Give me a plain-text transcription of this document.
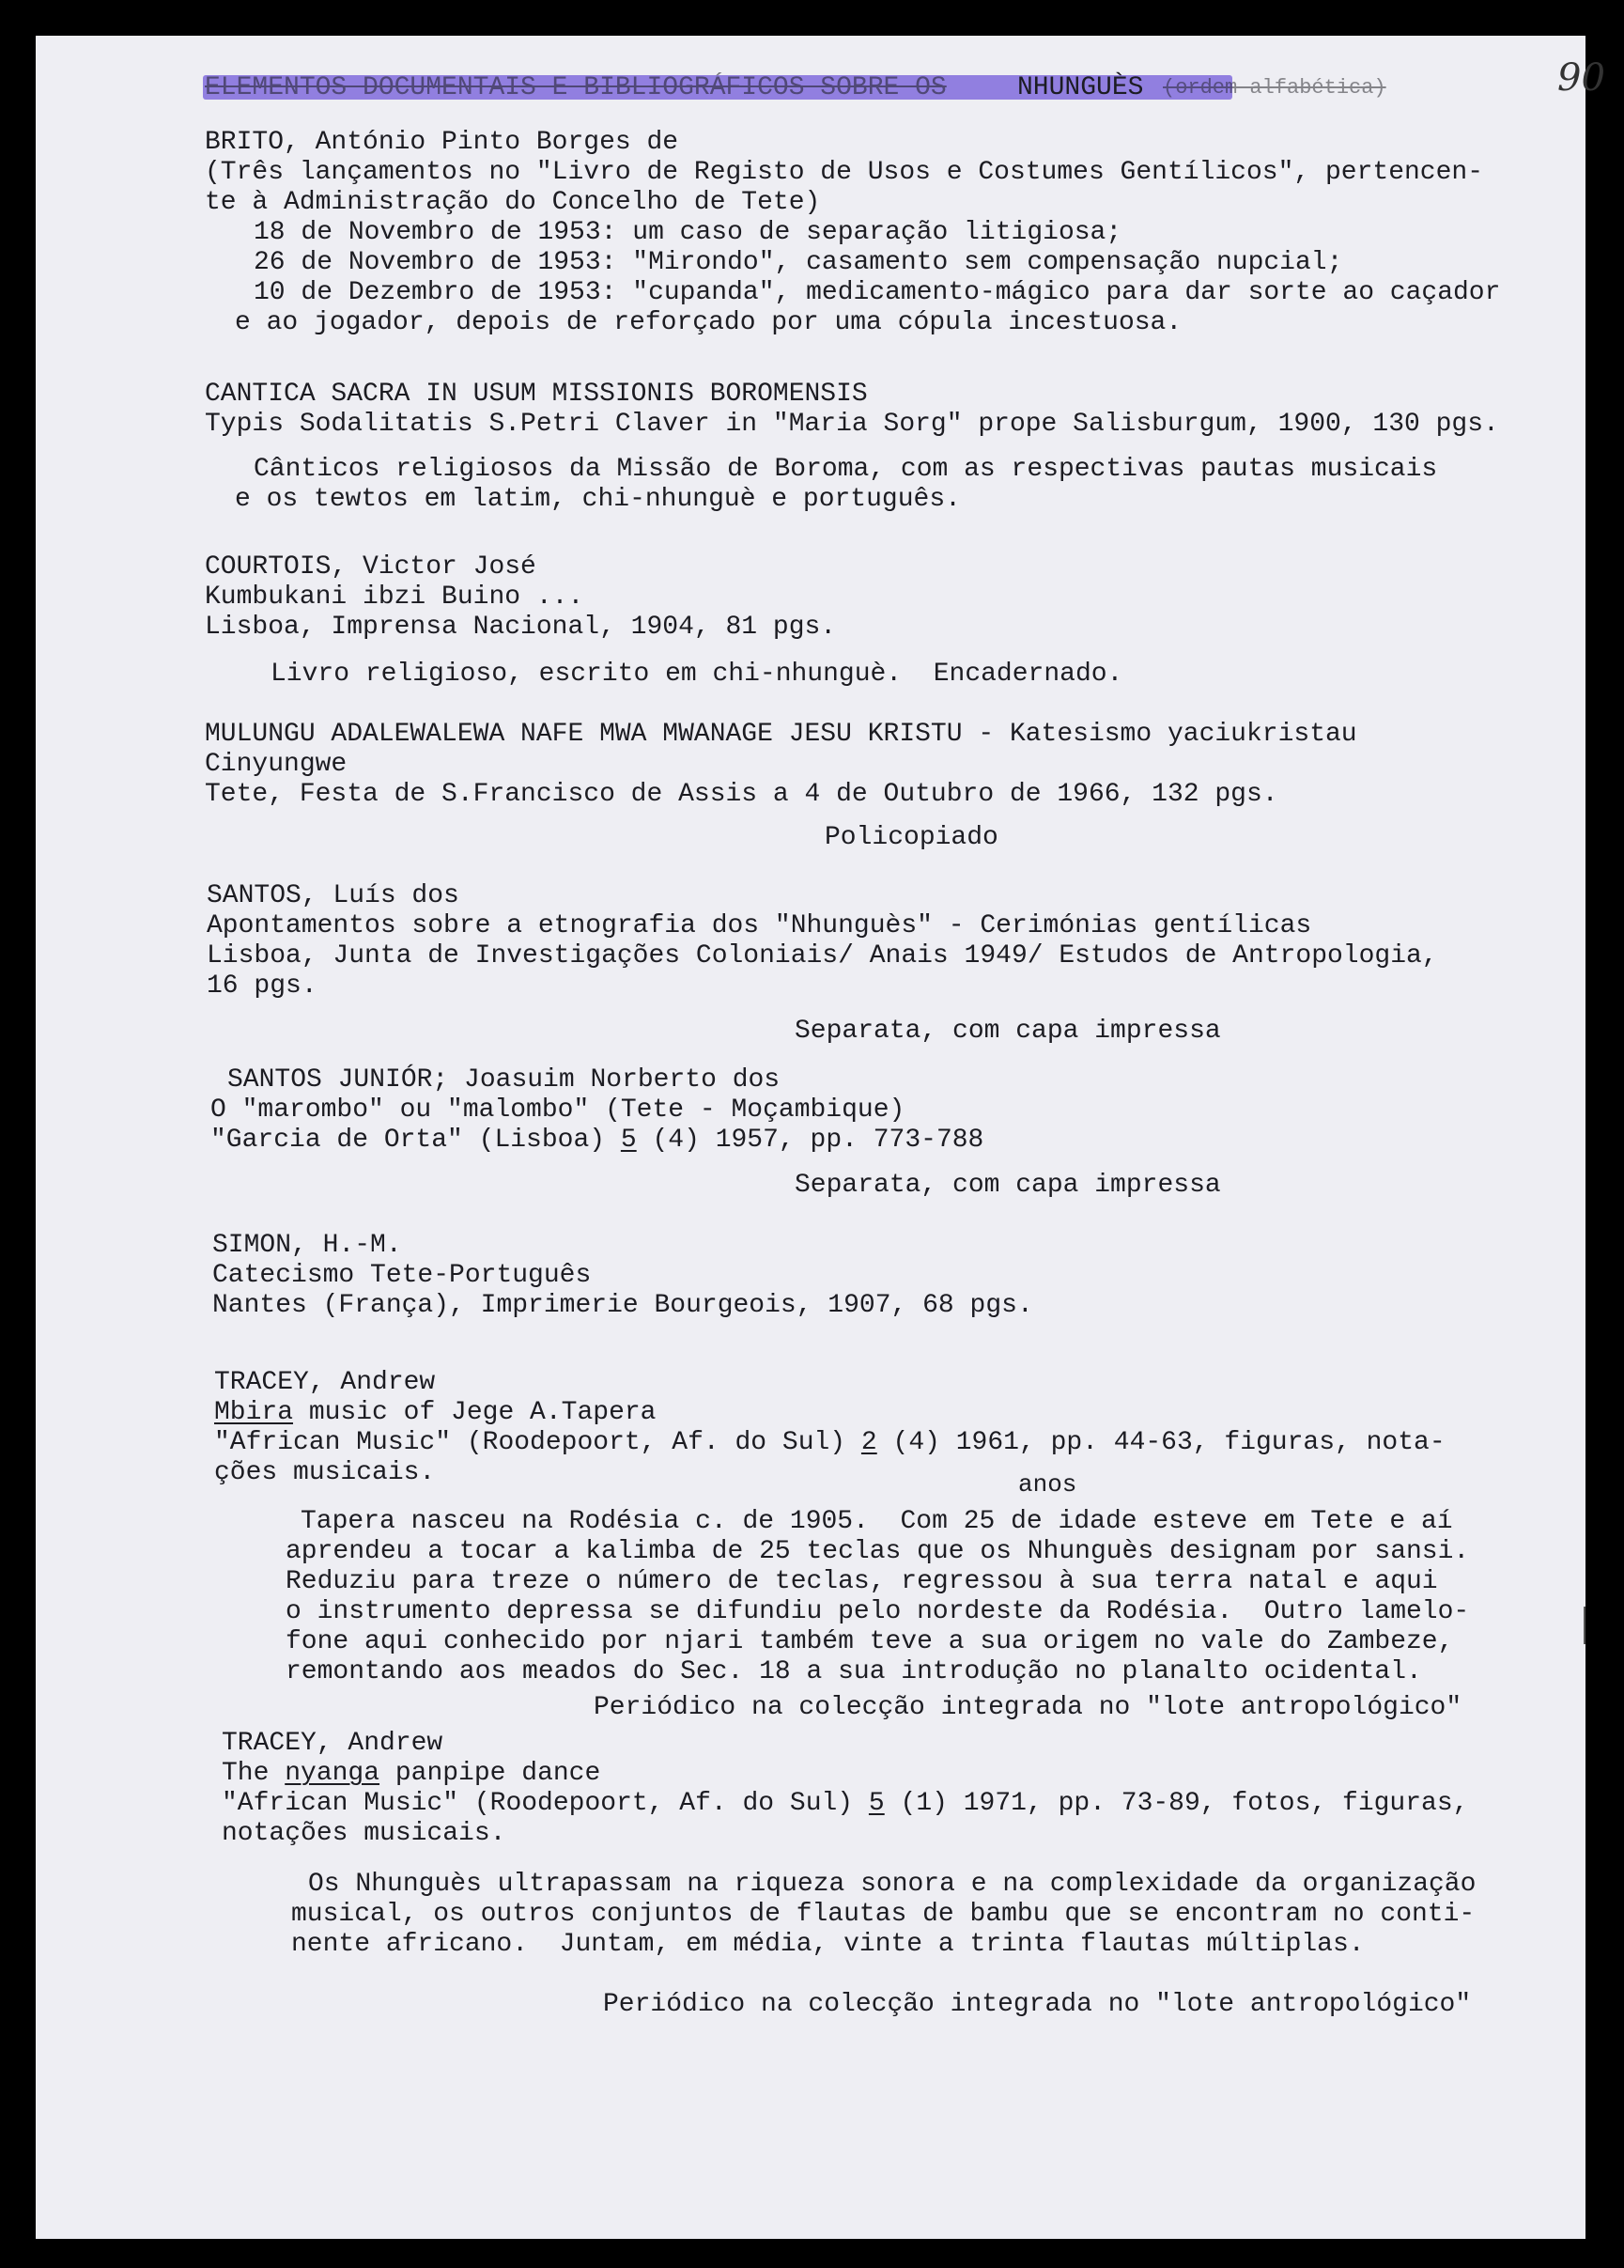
ELEMENTOS DOCUMENTAIS E BIBLIOGRÁFICOS SOBRE OS	NHUNGUÈS (ordem alfabética)	90
BRITO, António Pinto Borges de
(Três lançamentos no "Livro de Registo de Usos e Costumes Gentílicos", pertencen-
te à Administração do Concelho de Tete)
18 de Novembro de 1953: um caso de separação litigiosa;
26 de Novembro de 1953: "Mirondo", casamento sem compensação nupcial;
10 de Dezembro de 1953: "cupanda", medicamento-mágico para dar sorte ao caçador
e ao jogador, depois de reforçado por uma cópula incestuosa.
CANTICA SACRA IN USUM MISSIONIS BOROMENSIS
Typis Sodalitatis S.Petri Claver in "Maria Sorg" prope Salisburgum, 1900, 130 pgs.
Cânticos religiosos da Missão de Boroma, com as respectivas pautas musicais
e os tewtos em latim, chi-nhunguè e português.
COURTOIS, Victor José
Kumbukani ibzi Buino ...
Lisboa, Imprensa Nacional, 1904, 81 pgs.
Livro religioso, escrito em chi-nhunguè.  Encadernado.
MULUNGU ADALEWALEWA NAFE MWA MWANAGE JESU KRISTU - Katesismo yaciukristau
Cinyungwe
Tete, Festa de S.Francisco de Assis a 4 de Outubro de 1966, 132 pgs.
Policopiado
SANTOS, Luís dos
Apontamentos sobre a etnografia dos "Nhunguès" - Cerimónias gentílicas
Lisboa, Junta de Investigações Coloniais/ Anais 1949/ Estudos de Antropologia,
16 pgs.
Separata, com capa impressa
SANTOS JUNIÓR; Joasuim Norberto dos
O "marombo" ou "malombo" (Tete - Moçambique)
"Garcia de Orta" (Lisboa) 5 (4) 1957, pp. 773-788
Separata, com capa impressa
SIMON, H.-M.
Catecismo Tete-Português
Nantes (França), Imprimerie Bourgeois, 1907, 68 pgs.
TRACEY, Andrew
Mbira music of Jege A.Tapera
"African Music" (Roodepoort, Af. do Sul) 2 (4) 1961, pp. 44-63, figuras, nota-
ções musicais.	anos
Tapera nasceu na Rodésia c. de 1905.  Com 25 de idade esteve em Tete e aí
aprendeu a tocar a kalimba de 25 teclas que os Nhunguès designam por sansi.
Reduziu para treze o número de teclas, regressou à sua terra natal e aqui
o instrumento depressa se difundiu pelo nordeste da Rodésia.  Outro lamelo-
fone aqui conhecido por njari também teve a sua origem no vale do Zambeze,
remontando aos meados do Sec. 18 a sua introdução no planalto ocidental.
Periódico na colecção integrada no "lote antropológico"
TRACEY, Andrew
The nyanga panpipe dance
"African Music" (Roodepoort, Af. do Sul) 5 (1) 1971, pp. 73-89, fotos, figuras,
notações musicais.
Os Nhunguès ultrapassam na riqueza sonora e na complexidade da organização
musical, os outros conjuntos de flautas de bambu que se encontram no conti-
nente africano.  Juntam, em média, vinte a trinta flautas múltiplas.
Periódico na colecção integrada no "lote antropológico"
